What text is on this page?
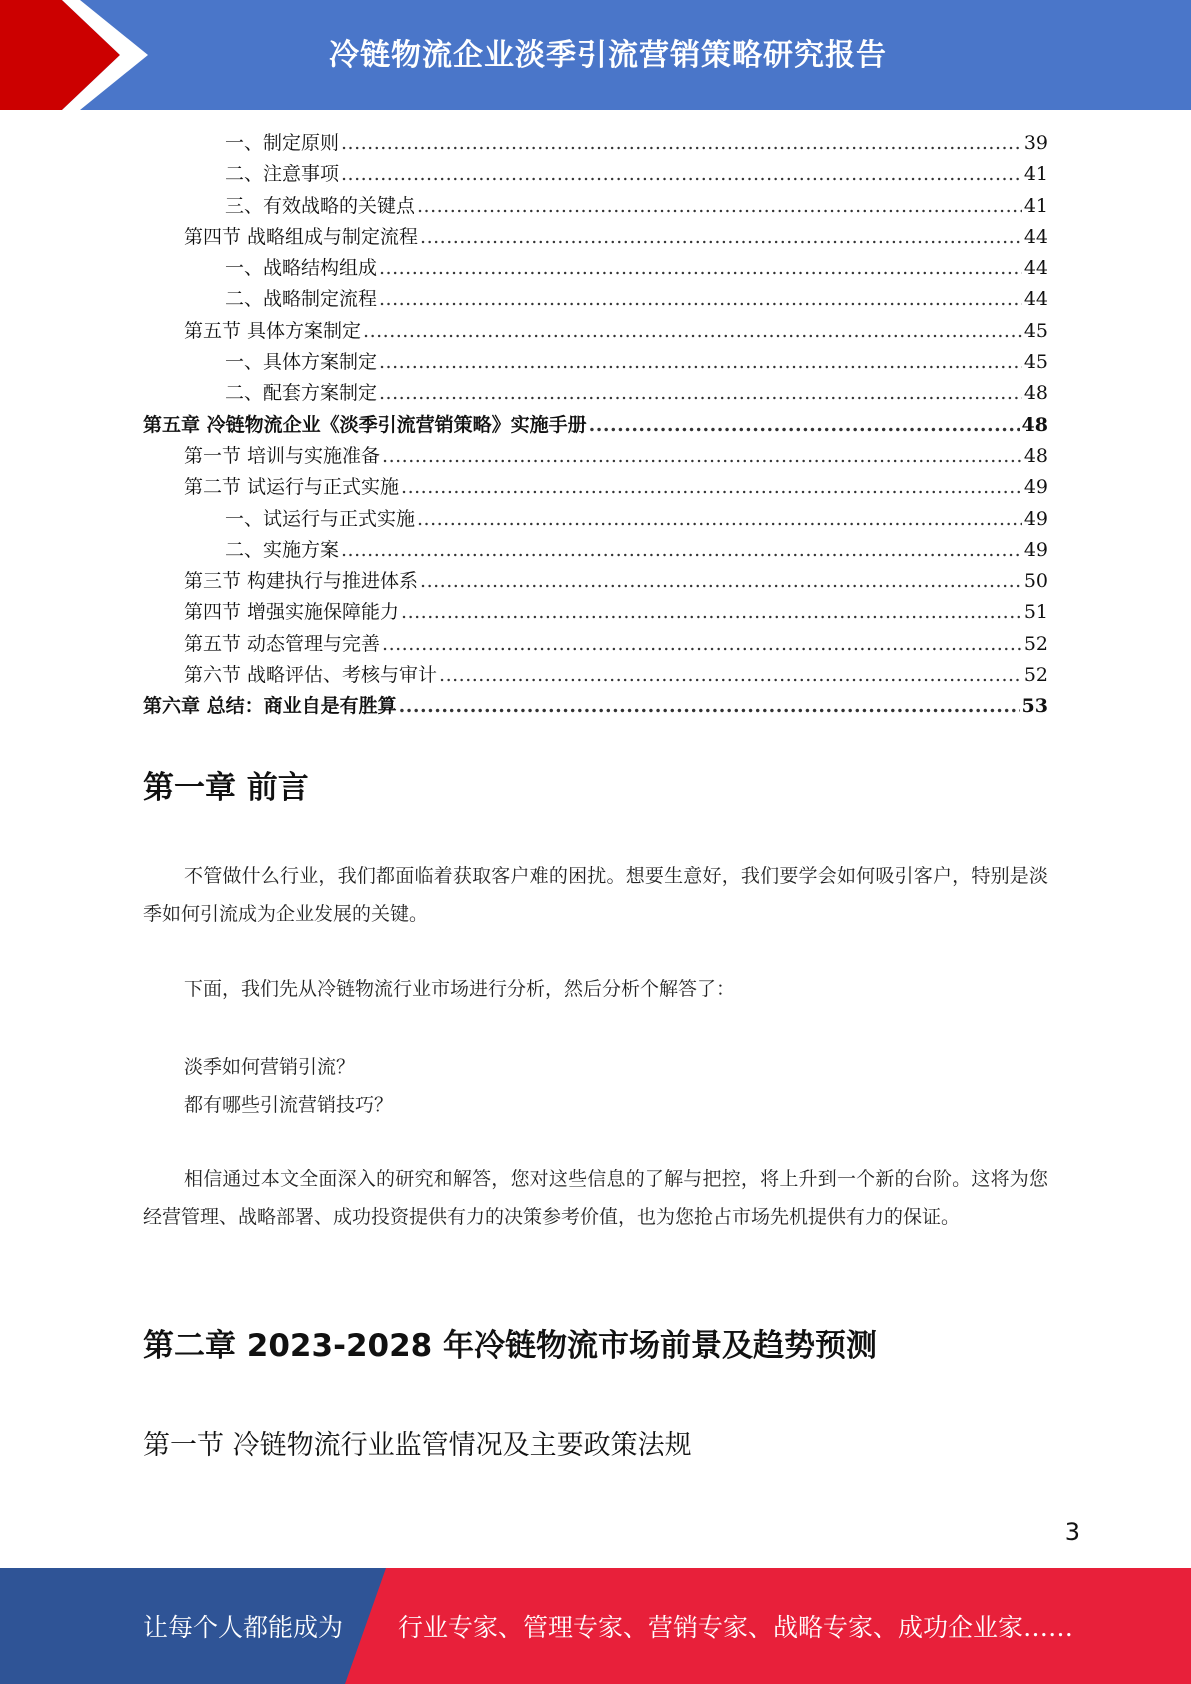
冷链物流企业淡季引流营销策略研究报告
一、制定原则 .....	39
二、注意事项 .....	41
三、有效战略的关键点 .....	41
第四节 战略组成与制定流程 .....	44
一、战略结构组成 .....	44
二、战略制定流程 .....	44
第五节 具体方案制定 .....	45
一、具体方案制定 .....	45
二、配套方案制定 .....	48
第五章 冷链物流企业《淡季引流营销策略》实施手册 .....	48
第一节 培训与实施准备 .....	48
第二节 试运行与正式实施 .....	49
一、试运行与正式实施 .....	49
二、实施方案 .....	49
第三节 构建执行与推进体系 .....	50
第四节 增强实施保障能力 .....	51
第五节 动态管理与完善 .....	52
第六节 战略评估、考核与审计 .....	52
第六章 总结：商业自是有胜算 .....	53
第一章 前言
不管做什么行业，我们都面临着获取客户难的困扰。想要生意好，我们要学会如何吸引客户，特别是淡季如何引流成为企业发展的关键。
下面，我们先从冷链物流行业市场进行分析，然后分析个解答了：
淡季如何营销引流？
都有哪些引流营销技巧？
相信通过本文全面深入的研究和解答，您对这些信息的了解与把控，将上升到一个新的台阶。这将为您经营管理、战略部署、成功投资提供有力的决策参考价值，也为您抢占市场先机提供有力的保证。
第二章 2023-2028 年冷链物流市场前景及趋势预测
第一节 冷链物流行业监管情况及主要政策法规
3
让每个人都能成为 行业专家、管理专家、营销专家、战略专家、成功企业家……
